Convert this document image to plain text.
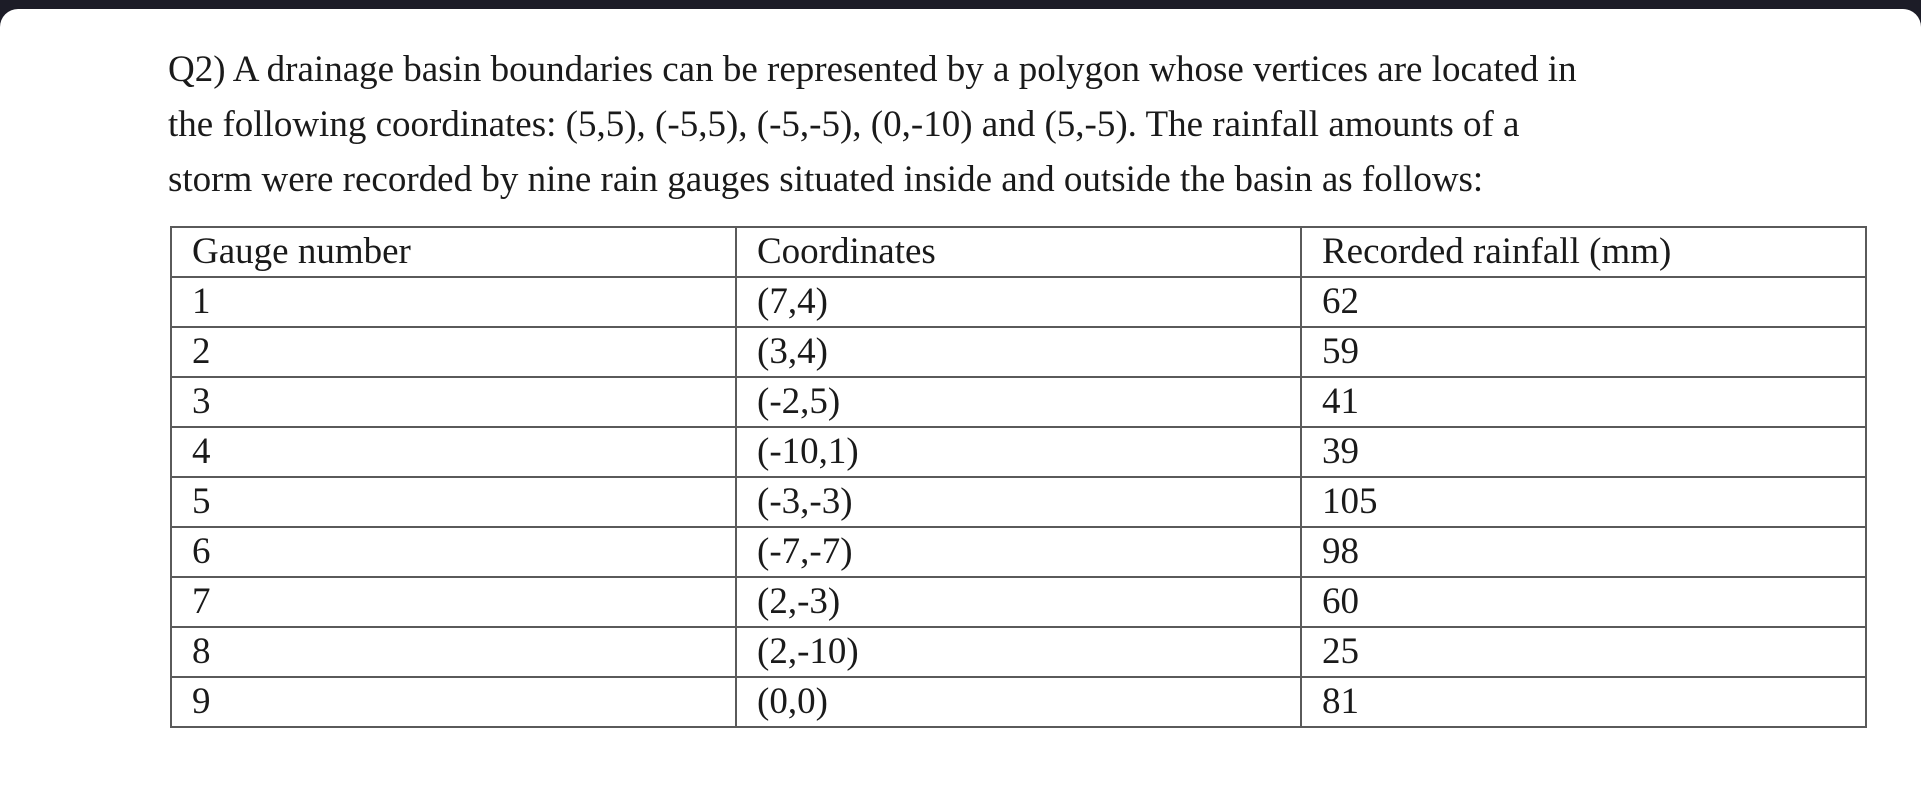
Q2) A drainage basin boundaries can be represented by a polygon whose vertices are located in
the following coordinates: (5,5), (-5,5), (-5,-5), (0,-10) and (5,-5). The rainfall amounts of a
storm were recorded by nine rain gauges situated inside and outside the basin as follows:

Gauge number	Coordinates	Recorded rainfall (mm)
1	(7,4)	62
2	(3,4)	59
3	(-2,5)	41
4	(-10,1)	39
5	(-3,-3)	105
6	(-7,-7)	98
7	(2,-3)	60
8	(2,-10)	25
9	(0,0)	81
